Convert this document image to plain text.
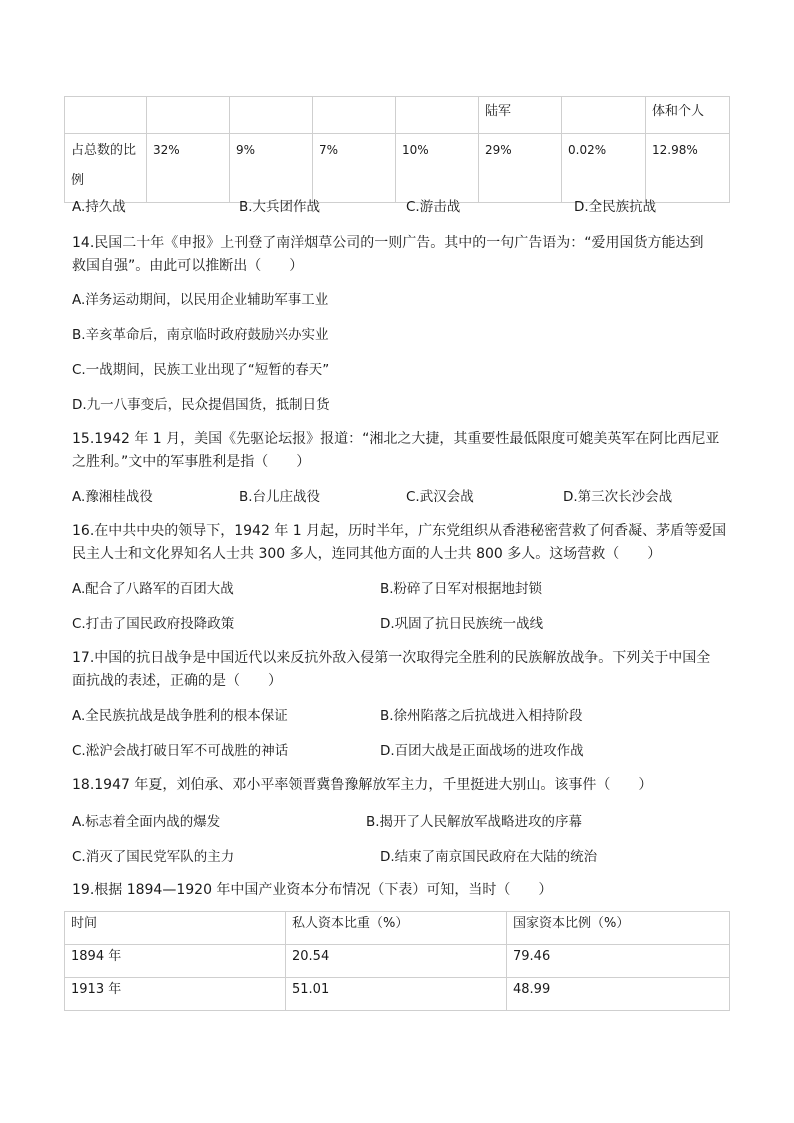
					陆军		体和个人
占总数的比例	32%	9%	7%	10%	29%	0.02%	12.98%
A.持久战	B.大兵团作战	C.游击战	D.全民族抗战
14.民国二十年《申报》上刊登了南洋烟草公司的一则广告。其中的一句广告语为：“爱用国货方能达到
救国自强”。由此可以推断出（　　）
A.洋务运动期间，以民用企业辅助军事工业
B.辛亥革命后，南京临时政府鼓励兴办实业
C.一战期间，民族工业出现了“短暂的春天”
D.九一八事变后，民众提倡国货，抵制日货
15.1942 年 1 月，美国《先驱论坛报》报道：“湘北之大捷，其重要性最低限度可媲美英军在阿比西尼亚
之胜利。”文中的军事胜利是指（　　）
A.豫湘桂战役	B.台儿庄战役	C.武汉会战	D.第三次长沙会战
16.在中共中央的领导下，1942 年 1 月起，历时半年，广东党组织从香港秘密营救了何香凝、茅盾等爱国
民主人士和文化界知名人士共 300 多人，连同其他方面的人士共 800 多人。这场营救（　　）
A.配合了八路军的百团大战	B.粉碎了日军对根据地封锁
C.打击了国民政府投降政策	D.巩固了抗日民族统一战线
17.中国的抗日战争是中国近代以来反抗外敌入侵第一次取得完全胜利的民族解放战争。下列关于中国全
面抗战的表述，正确的是（　　）
A.全民族抗战是战争胜利的根本保证	B.徐州陷落之后抗战进入相持阶段
C.淞沪会战打破日军不可战胜的神话	D.百团大战是正面战场的进攻作战
18.1947 年夏，刘伯承、邓小平率领晋冀鲁豫解放军主力，千里挺进大别山。该事件（　　）
A.标志着全面内战的爆发	B.揭开了人民解放军战略进攻的序幕
C.消灭了国民党军队的主力	D.结束了南京国民政府在大陆的统治
19.根据 1894—1920 年中国产业资本分布情况（下表）可知，当时（　　）
时间	私人资本比重（%）	国家资本比例（%）
1894 年	20.54	79.46
1913 年	51.01	48.99
